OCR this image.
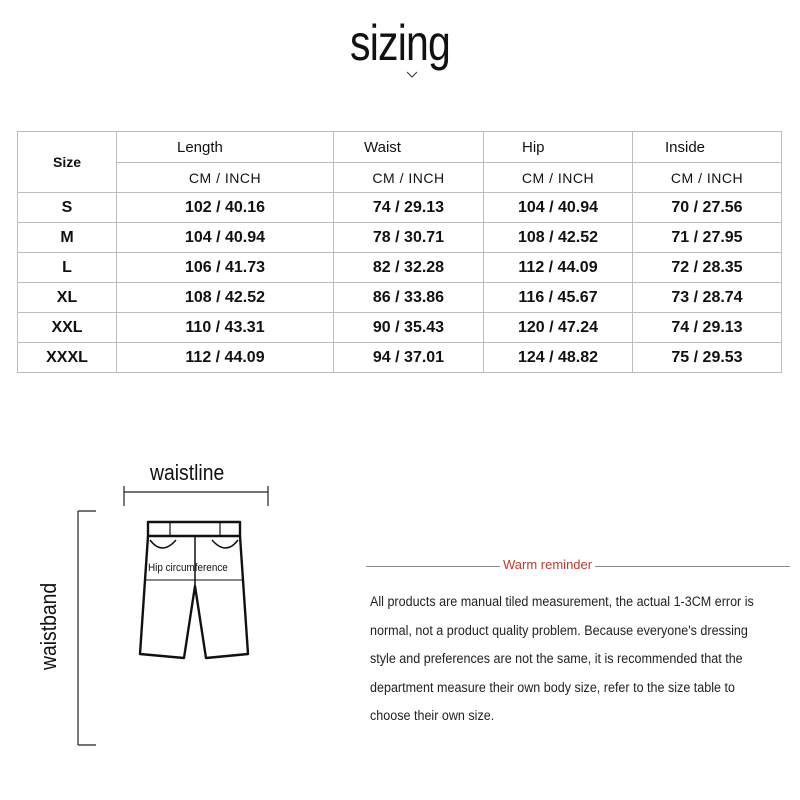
sizing
Size	Length	Waist	Hip	Inside
	CM / INCH	CM / INCH	CM / INCH	CM / INCH
S	102 / 40.16	74 / 29.13	104 / 40.94	70 / 27.56
M	104 / 40.94	78 / 30.71	108 / 42.52	71 / 27.95
L	106 / 41.73	82 / 32.28	112 / 44.09	72 / 28.35
XL	108 / 42.52	86 / 33.86	116 / 45.67	73 / 28.74
XXL	110 / 43.31	90 / 35.43	120 / 47.24	74 / 29.13
XXXL	112 / 44.09	94 / 37.01	124 / 48.82	75 / 29.53
waistline
waistband
Hip circumference	Warm reminder
All products are manual tiled measurement, the actual 1-3CM error is normal, not a product quality problem. Because everyone's dressing style and preferences are not the same, it is recommended that the department measure their own body size, refer to the size table to choose their own size.
